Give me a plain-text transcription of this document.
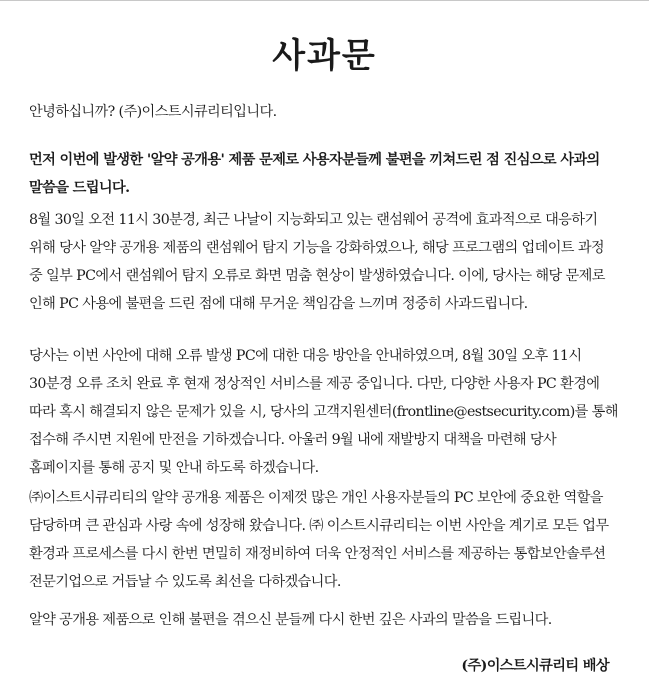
사과문

안녕하십니까? (주)이스트시큐리티입니다.

먼저 이번에 발생한 '알약 공개용' 제품 문제로 사용자분들께 불편을 끼쳐드린 점 진심으로 사과의 말씀을 드립니다.

8월 30일 오전 11시 30분경, 최근 나날이 지능화되고 있는 랜섬웨어 공격에 효과적으로 대응하기 위해 당사 알약 공개용 제품의 랜섬웨어 탐지 기능을 강화하였으나, 해당 프로그램의 업데이트 과정 중 일부 PC에서 랜섬웨어 탐지 오류로 화면 멈춤 현상이 발생하였습니다. 이에, 당사는 해당 문제로 인해 PC 사용에 불편을 드린 점에 대해 무거운 책임감을 느끼며 정중히 사과드립니다.

당사는 이번 사안에 대해 오류 발생 PC에 대한 대응 방안을 안내하였으며, 8월 30일 오후 11시 30분경 오류 조치 완료 후 현재 정상적인 서비스를 제공 중입니다. 다만, 다양한 사용자 PC 환경에 따라 혹시 해결되지 않은 문제가 있을 시, 당사의 고객지원센터(frontline@estsecurity.com)를 통해 접수해 주시면 지원에 만전을 기하겠습니다. 아울러 9월 내에 재발방지 대책을 마련해 당사 홈페이지를 통해 공지 및 안내 하도록 하겠습니다.

㈜이스트시큐리티의 알약 공개용 제품은 이제껏 많은 개인 사용자분들의 PC 보안에 중요한 역할을 담당하며 큰 관심과 사랑 속에 성장해 왔습니다. ㈜ 이스트시큐리티는 이번 사안을 계기로 모든 업무 환경과 프로세스를 다시 한번 면밀히 재정비하여 더욱 안정적인 서비스를 제공하는 통합보안솔루션 전문기업으로 거듭날 수 있도록 최선을 다하겠습니다.

알약 공개용 제품으로 인해 불편을 겪으신 분들께 다시 한번 깊은 사과의 말씀을 드립니다.

(주)이스트시큐리티 배상
